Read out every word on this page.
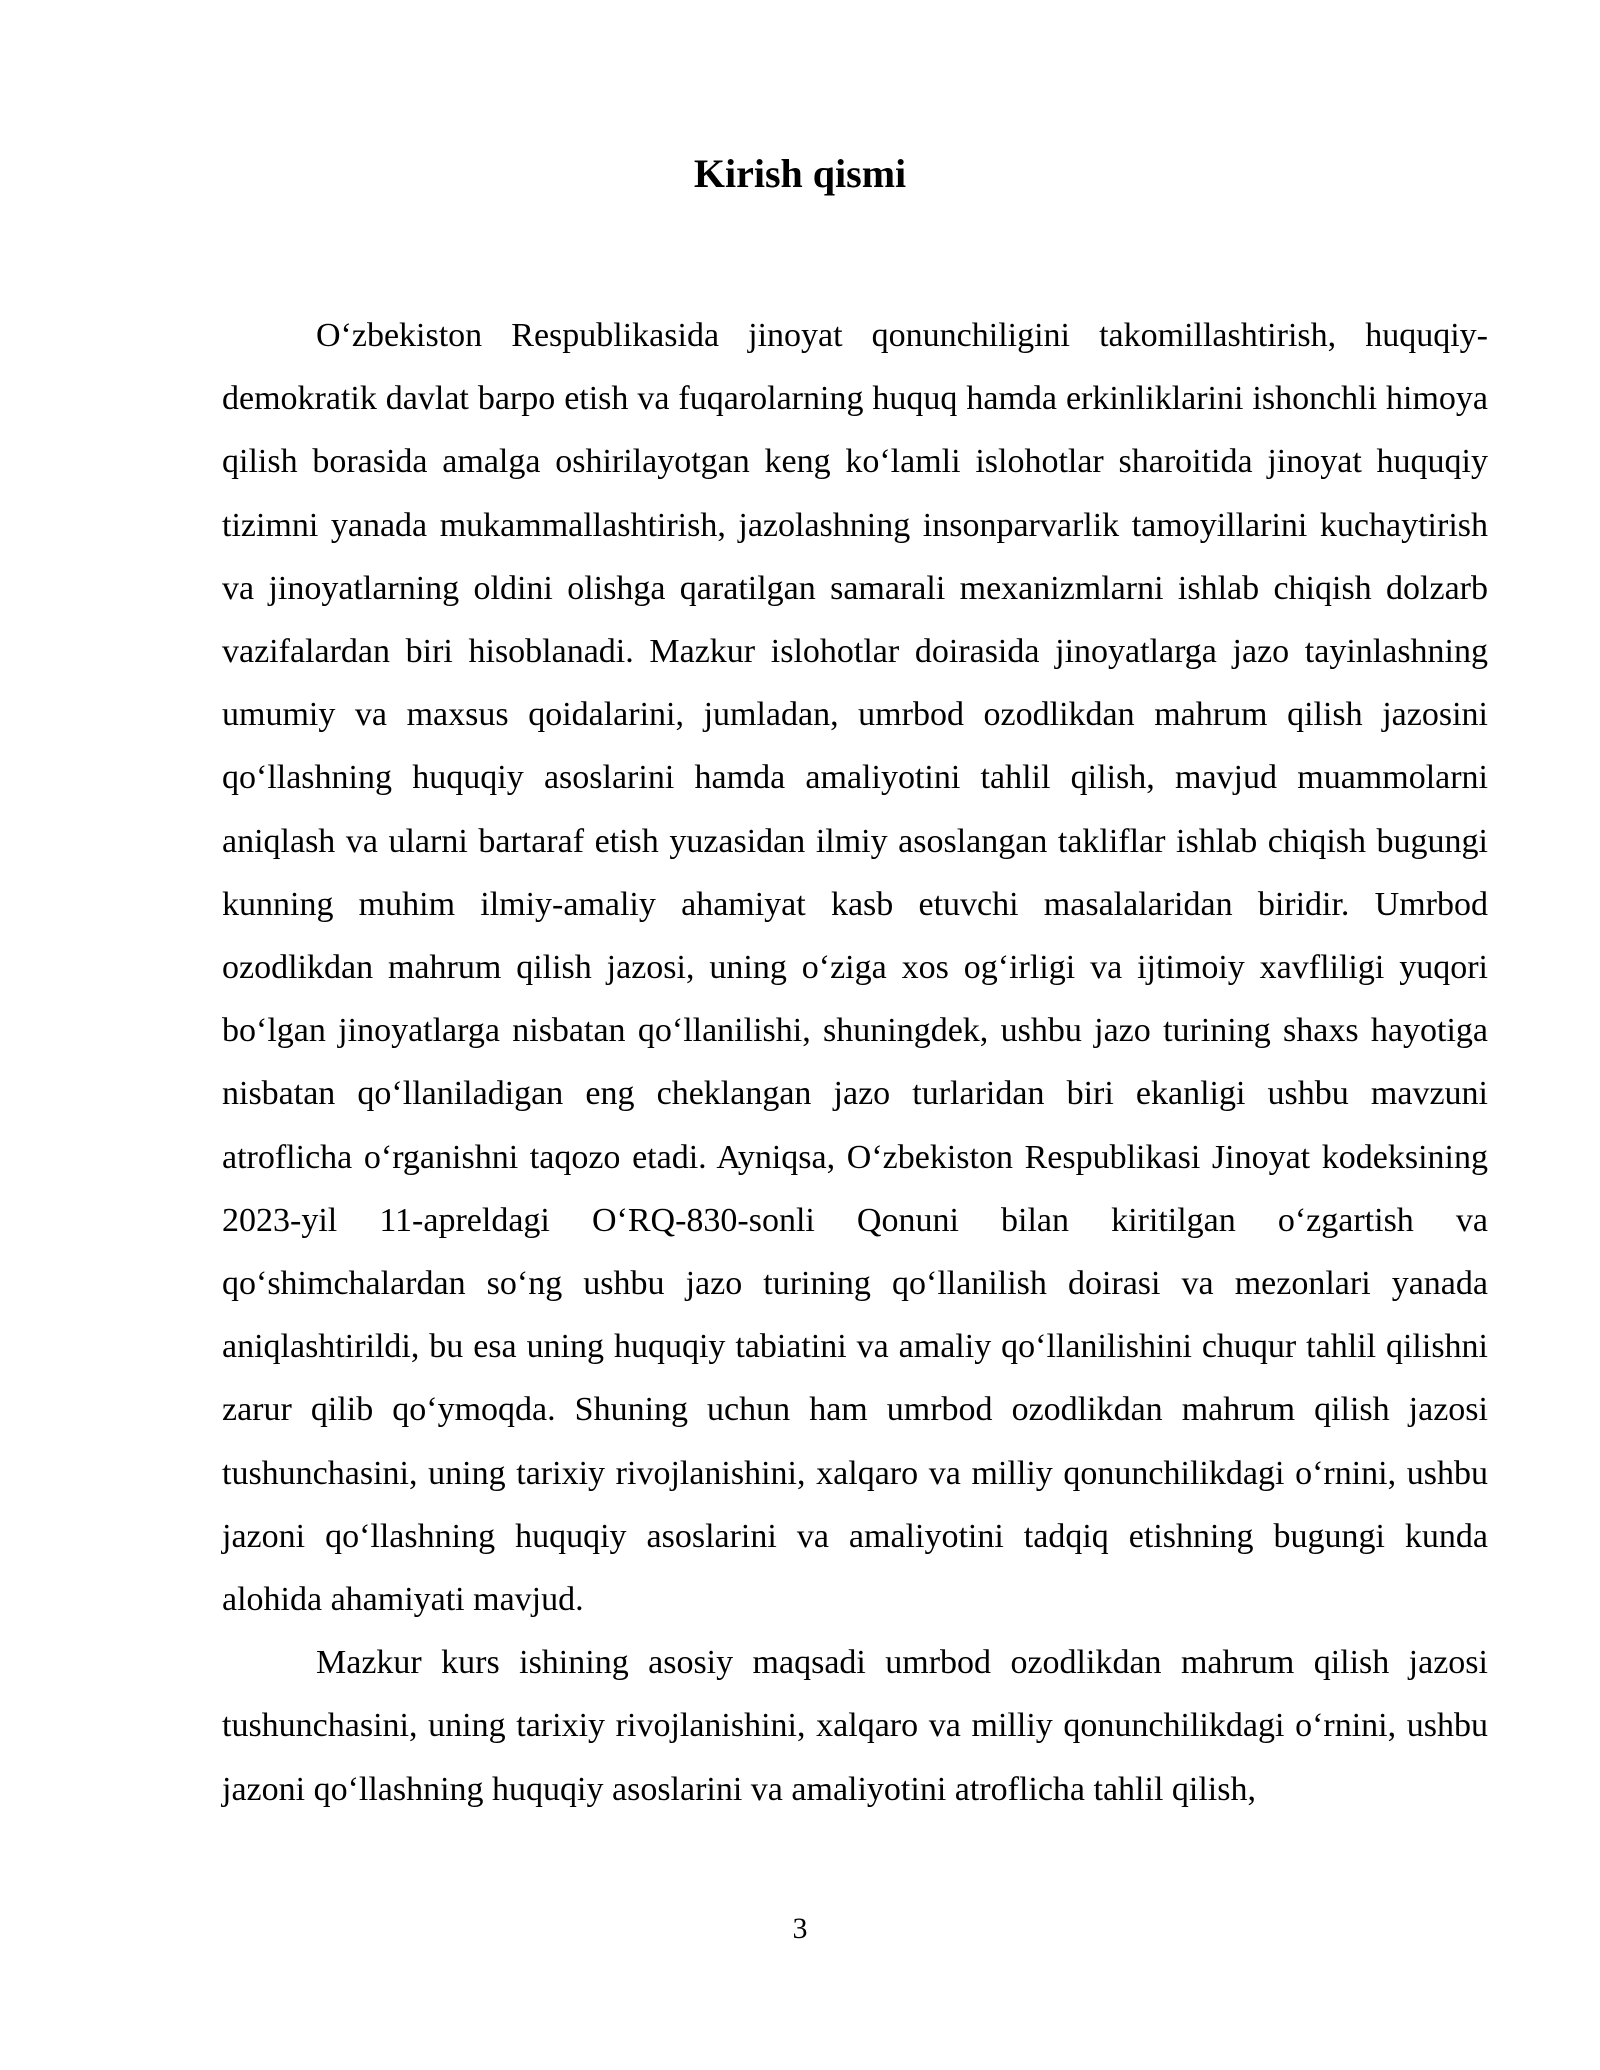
Kirish qismi

O‘zbekiston Respublikasida jinoyat qonunchiligini takomillashtirish, huquqiy-demokratik davlat barpo etish va fuqarolarning huquq hamda erkinliklarini ishonchli himoya qilish borasida amalga oshirilayotgan keng ko‘lamli islohotlar sharoitida jinoyat huquqiy tizimni yanada mukammallashtirish, jazolashning insonparvarlik tamoyillarini kuchaytirish va jinoyatlarning oldini olishga qaratilgan samarali mexanizmlarni ishlab chiqish dolzarb vazifalardan biri hisoblanadi. Mazkur islohotlar doirasida jinoyatlarga jazo tayinlashning umumiy va maxsus qoidalarini, jumladan, umrbod ozodlikdan mahrum qilish jazosini qo‘llashning huquqiy asoslarini hamda amaliyotini tahlil qilish, mavjud muammolarni aniqlash va ularni bartaraf etish yuzasidan ilmiy asoslangan takliflar ishlab chiqish bugungi kunning muhim ilmiy-amaliy ahamiyat kasb etuvchi masalalaridan biridir. Umrbod ozodlikdan mahrum qilish jazosi, uning o‘ziga xos og‘irligi va ijtimoiy xavfliligi yuqori bo‘lgan jinoyatlarga nisbatan qo‘llanilishi, shuningdek, ushbu jazo turining shaxs hayotiga nisbatan qo‘llaniladigan eng cheklangan jazo turlaridan biri ekanligi ushbu mavzuni atroflicha o‘rganishni taqozo etadi. Ayniqsa, O‘zbekiston Respublikasi Jinoyat kodeksining 2023-yil 11-apreldagi O‘RQ-830-sonli Qonuni bilan kiritilgan o‘zgartish va qo‘shimchalardan so‘ng ushbu jazo turining qo‘llanilish doirasi va mezonlari yanada aniqlashtirildi, bu esa uning huquqiy tabiatini va amaliy qo‘llanilishini chuqur tahlil qilishni zarur qilib qo‘ymoqda. Shuning uchun ham umrbod ozodlikdan mahrum qilish jazosi tushunchasini, uning tarixiy rivojlanishini, xalqaro va milliy qonunchilikdagi o‘rnini, ushbu jazoni qo‘llashning huquqiy asoslarini va amaliyotini tadqiq etishning bugungi kunda alohida ahamiyati mavjud.

Mazkur kurs ishining asosiy maqsadi umrbod ozodlikdan mahrum qilish jazosi tushunchasini, uning tarixiy rivojlanishini, xalqaro va milliy qonunchilikdagi o‘rnini, ushbu jazoni qo‘llashning huquqiy asoslarini va amaliyotini atroflicha tahlil qilish,

3
